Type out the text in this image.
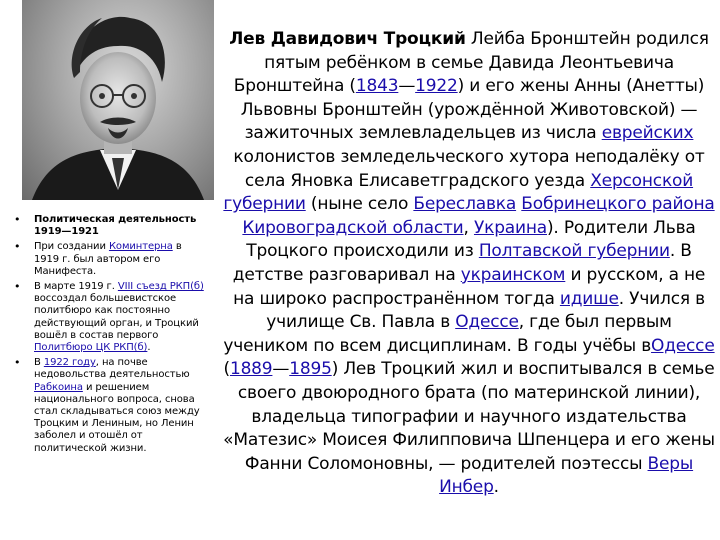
• Политическая деятельность 1919—1921
• При создании Коминтерна в 1919 г. был автором его Манифеста.
• В марте 1919 г. VIII съезд РКП(б) воссоздал большевистское политбюро как постоянно действующий орган, и Троцкий вошёл в состав первого Политбюро ЦК РКП(б).
• В 1922 году, на почве недовольства деятельностью Рабкоина и решением национального вопроса, снова стал складываться союз между Троцким и Лениным, но Ленин заболел и отошёл от политической жизни.

Лев Давидович Троцкий Лейба Бронштейн родился пятым ребёнком в семье Давида Леонтьевича Бронштейна (1843—1922) и его жены Анны (Анетты) Львовны Бронштейн (урождённой Животовской) — зажиточных землевладельцев из числа еврейских колонистов земледельческого хутора неподалёку от села Яновка Елисаветградского уезда Херсонской губернии (ныне село Береславка Бобринецкого района Кировоградской области, Украина). Родители Льва Троцкого происходили из Полтавской губернии. В детстве разговаривал на украинском и русском, а не на широко распространённом тогда идише. Учился в училище Св. Павла в Одессе, где был первым учеником по всем дисциплинам. В годы учёбы вОдессе (1889—1895) Лев Троцкий жил и воспитывался в семье своего двоюродного брата (по материнской линии), владельца типографии и научного издательства «Матезис» Моисея Филипповича Шпенцера и его жены Фанни Соломоновны, — родителей поэтессы Веры Инбер.
